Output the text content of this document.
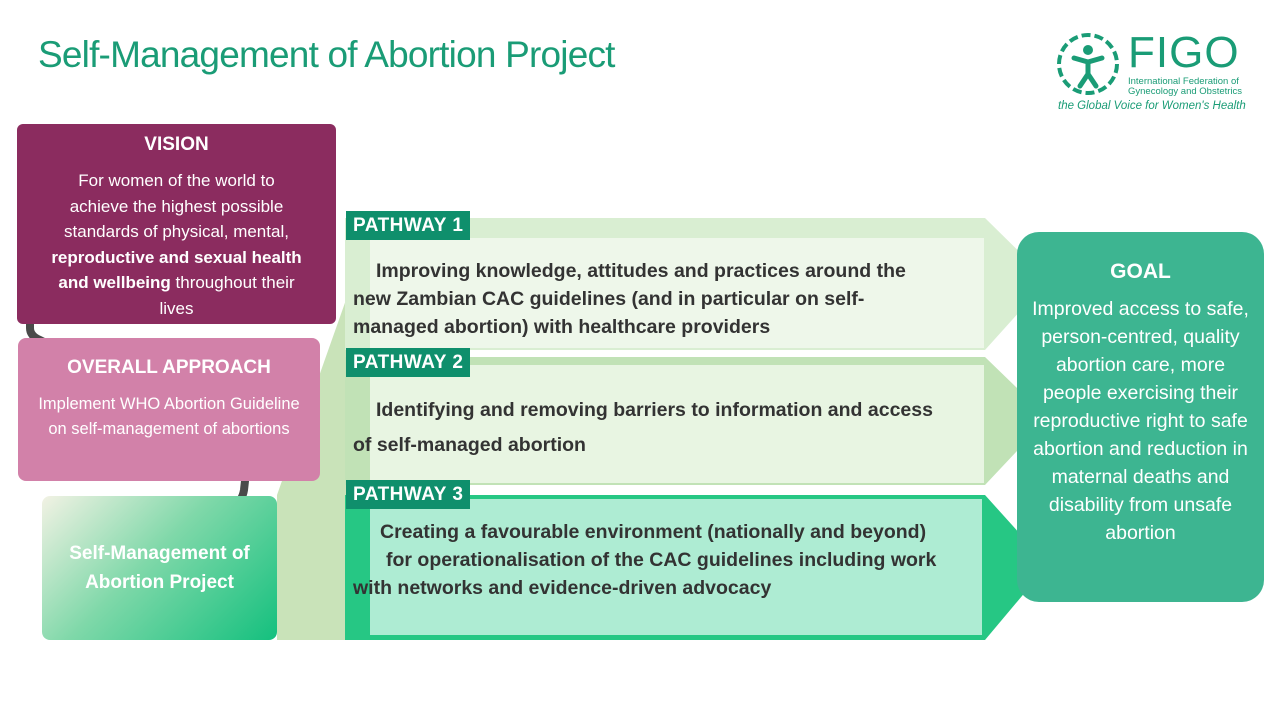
Self-Management of Abortion Project	FIGO
International Federation of
Gynecology and Obstetrics
the Global Voice for Women's Health
VISION
For women of the world to achieve the highest possible standards of physical, mental, reproductive and sexual health and wellbeing throughout their lives
OVERALL APPROACH
Implement WHO Abortion Guideline on self-management of abortions
Self-Management of
Abortion Project
PATHWAY 1
Improving knowledge, attitudes and practices around the
new Zambian CAC guidelines (and in particular on self-
managed abortion) with healthcare providers
PATHWAY 2
Identifying and removing barriers to information and access
of self-managed abortion
PATHWAY 3
Creating a favourable environment (nationally and beyond)
for operationalisation of the CAC guidelines including work
with networks and evidence-driven advocacy
GOAL
Improved access to safe, person-centred, quality abortion care, more people exercising their reproductive right to safe abortion and reduction in maternal deaths and disability from unsafe abortion
